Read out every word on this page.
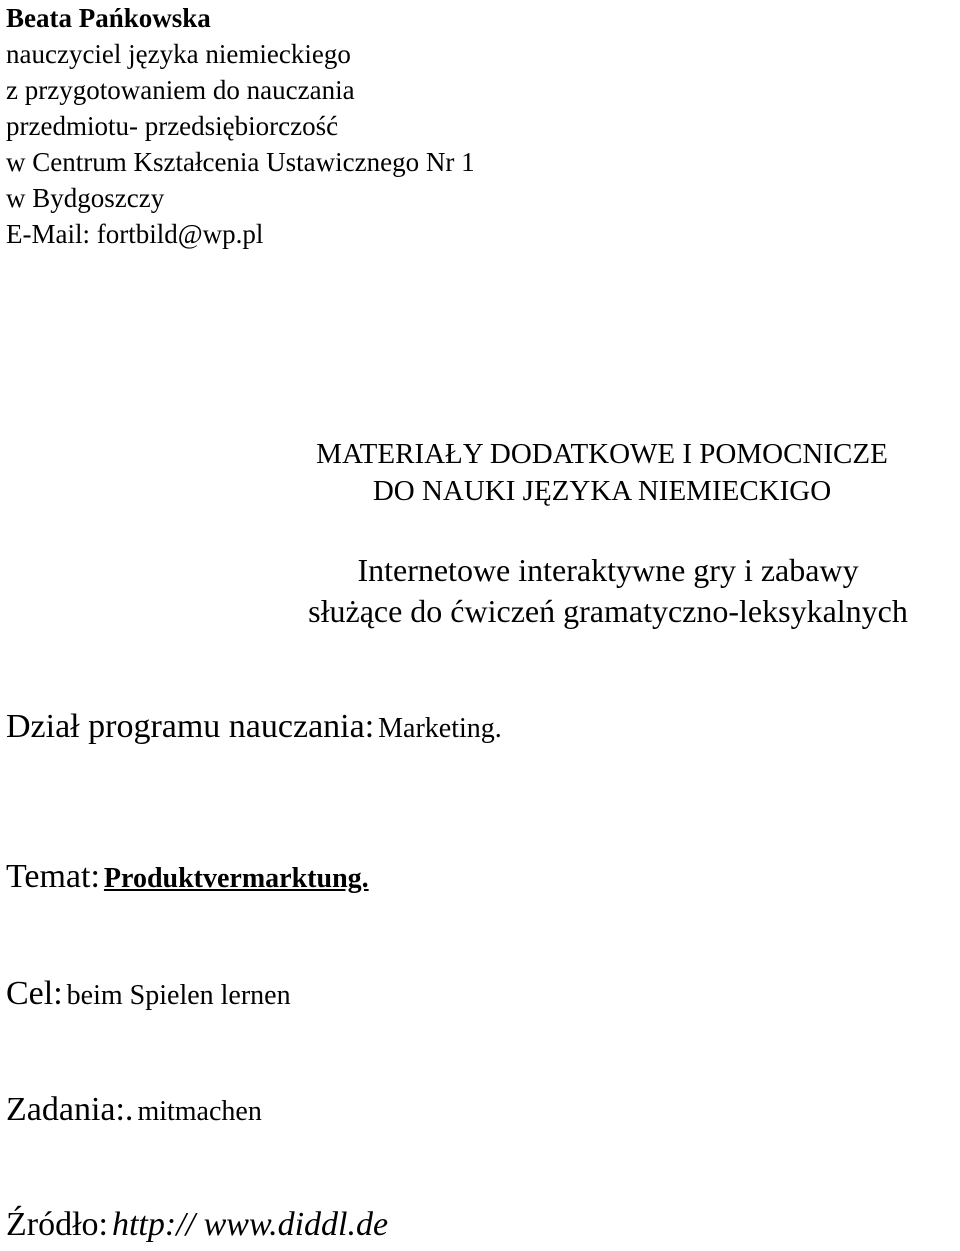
Beata Pańkowska
nauczyciel języka niemieckiego
z przygotowaniem do nauczania
przedmiotu- przedsiębiorczość
w Centrum Kształcenia Ustawicznego Nr 1
w Bydgoszczy
E-Mail: fortbild@wp.pl
MATERIAŁY DODATKOWE I POMOCNICZE
DO NAUKI JĘZYKA NIEMIECKIGO
Internetowe interaktywne gry i zabawy
służące do ćwiczeń gramatyczno-leksykalnych
Dział programu nauczania: Marketing.
Temat: Produktvermarktung.
Cel: beim Spielen lernen
Zadania:. mitmachen
Źródło: http:// www.diddl.de
